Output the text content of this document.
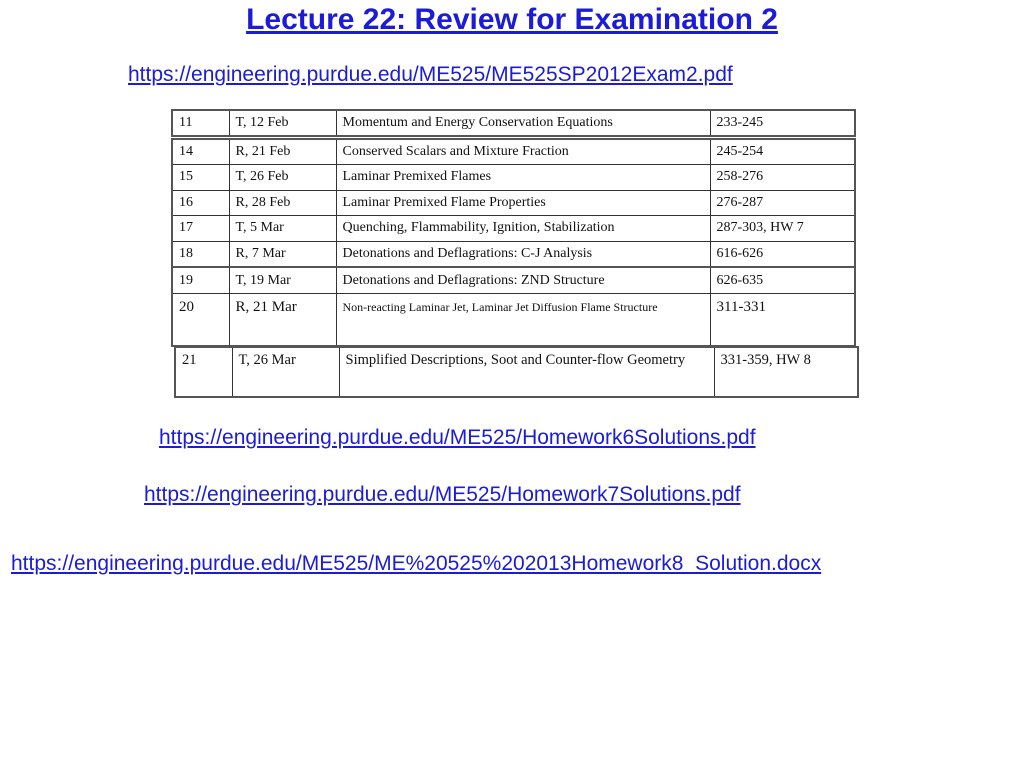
Lecture 22: Review for Examination 2
https://engineering.purdue.edu/ME525/ME525SP2012Exam2.pdf
11	T, 12 Feb	Momentum and Energy Conservation Equations	233-245
14	R, 21 Feb	Conserved Scalars and Mixture Fraction	245-254
15	T, 26 Feb	Laminar Premixed Flames	258-276
16	R, 28 Feb	Laminar Premixed Flame Properties	276-287
17	T, 5 Mar	Quenching, Flammability, Ignition, Stabilization	287-303, HW 7
18	R, 7 Mar	Detonations and Deflagrations: C-J Analysis	616-626
19	T, 19 Mar	Detonations and Deflagrations: ZND Structure	626-635
20	R, 21 Mar	Non-reacting Laminar Jet, Laminar Jet Diffusion Flame Structure	311-331
21	T, 26 Mar	Simplified Descriptions, Soot and Counter-flow Geometry	331-359, HW 8
https://engineering.purdue.edu/ME525/Homework6Solutions.pdf
https://engineering.purdue.edu/ME525/Homework7Solutions.pdf
https://engineering.purdue.edu/ME525/ME%20525%202013Homework8_Solution.docx
